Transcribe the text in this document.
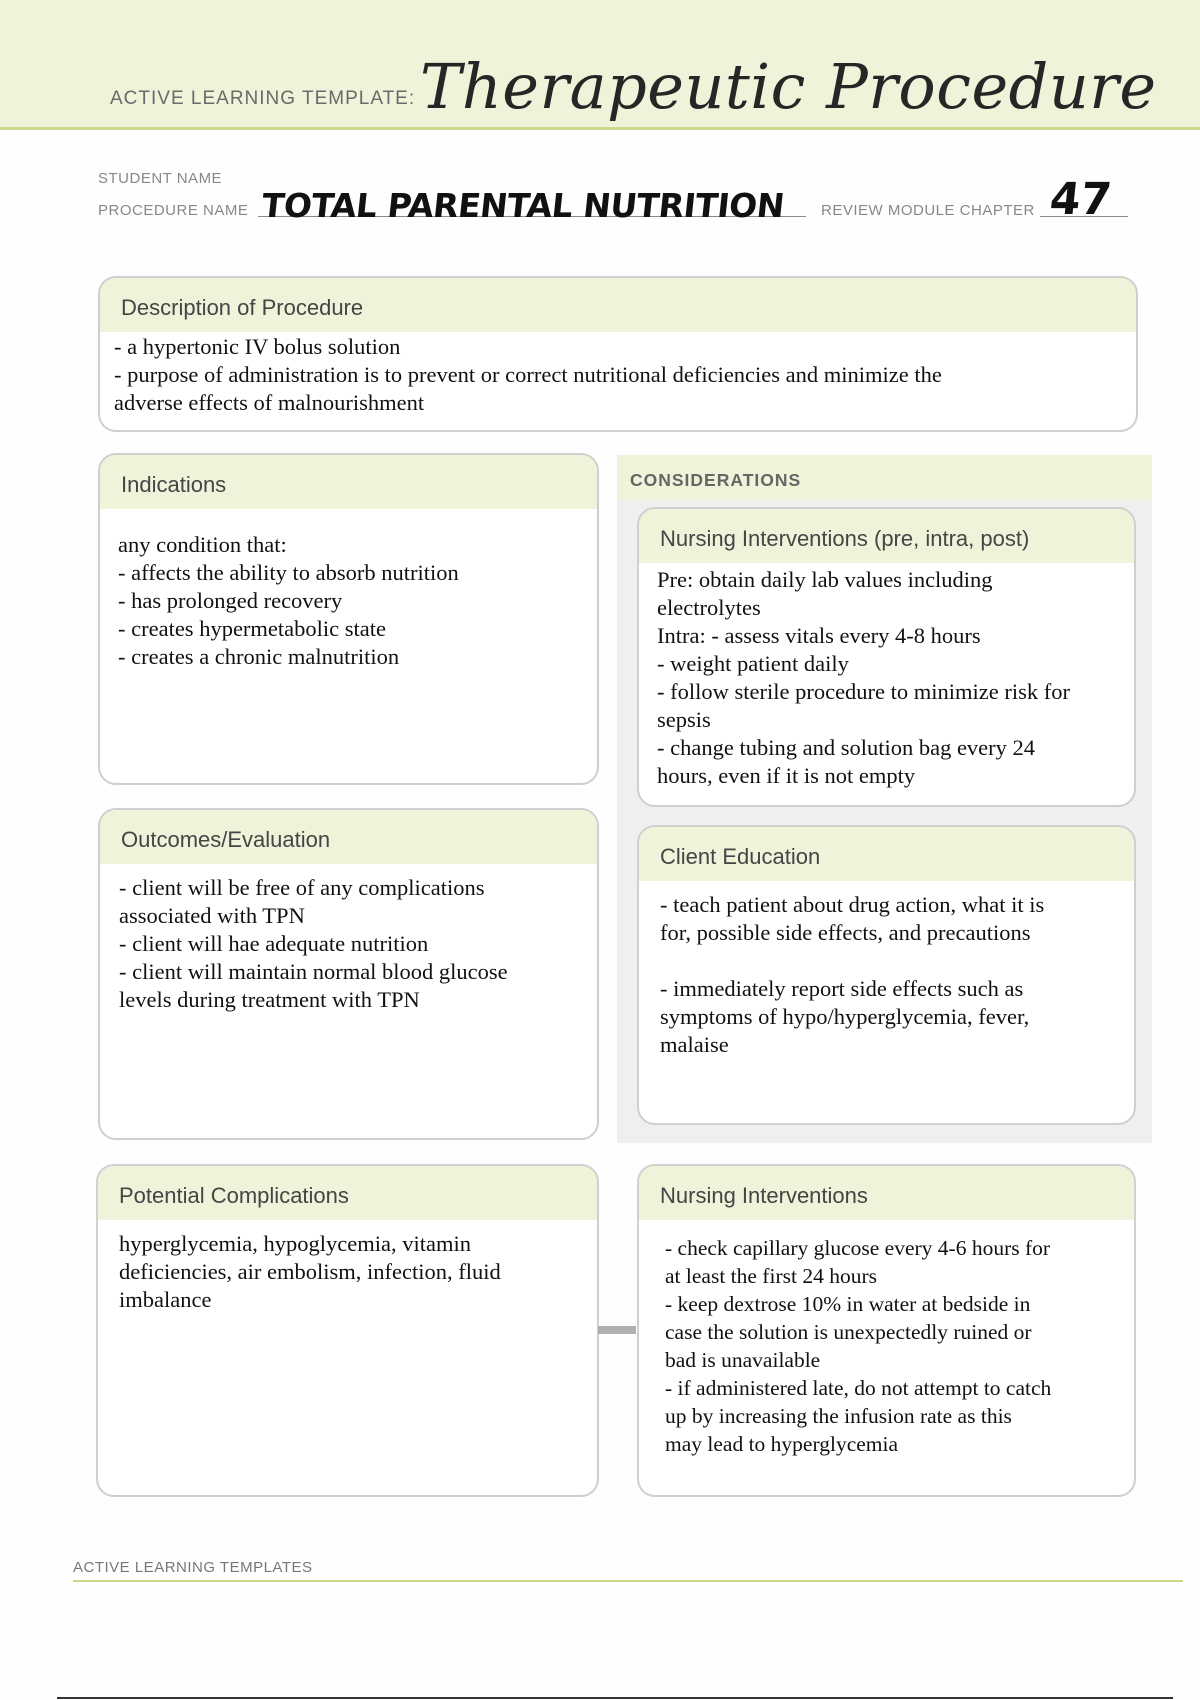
ACTIVE LEARNING TEMPLATE: Therapeutic Procedure
STUDENT NAME
PROCEDURE NAME TOTAL PARENTAL NUTRITION REVIEW MODULE CHAPTER 47
Description of Procedure
- a hypertonic IV bolus solution
- purpose of administration is to prevent or correct nutritional deficiencies and minimize the
adverse effects of malnourishment
Indications
any condition that:
- affects the ability to absorb nutrition
- has prolonged recovery
- creates hypermetabolic state
- creates a chronic malnutrition
CONSIDERATIONS
Nursing Interventions (pre, intra, post)
Pre: obtain daily lab values including
electrolytes
Intra: - assess vitals every 4-8 hours
- weight patient daily
- follow sterile procedure to minimize risk for
sepsis
- change tubing and solution bag every 24
hours, even if it is not empty
Client Education
- teach patient about drug action, what it is
for, possible side effects, and precautions
- immediately report side effects such as
symptoms of hypo/hyperglycemia, fever,
malaise
Outcomes/Evaluation
- client will be free of any complications
associated with TPN
- client will hae adequate nutrition
- client will maintain normal blood glucose
levels during treatment with TPN
Potential Complications
hyperglycemia, hypoglycemia, vitamin
deficiencies, air embolism, infection, fluid
imbalance
Nursing Interventions
- check capillary glucose every 4-6 hours for
at least the first 24 hours
- keep dextrose 10% in water at bedside in
case the solution is unexpectedly ruined or
bad is unavailable
- if administered late, do not attempt to catch
up by increasing the infusion rate as this
may lead to hyperglycemia
ACTIVE LEARNING TEMPLATES
